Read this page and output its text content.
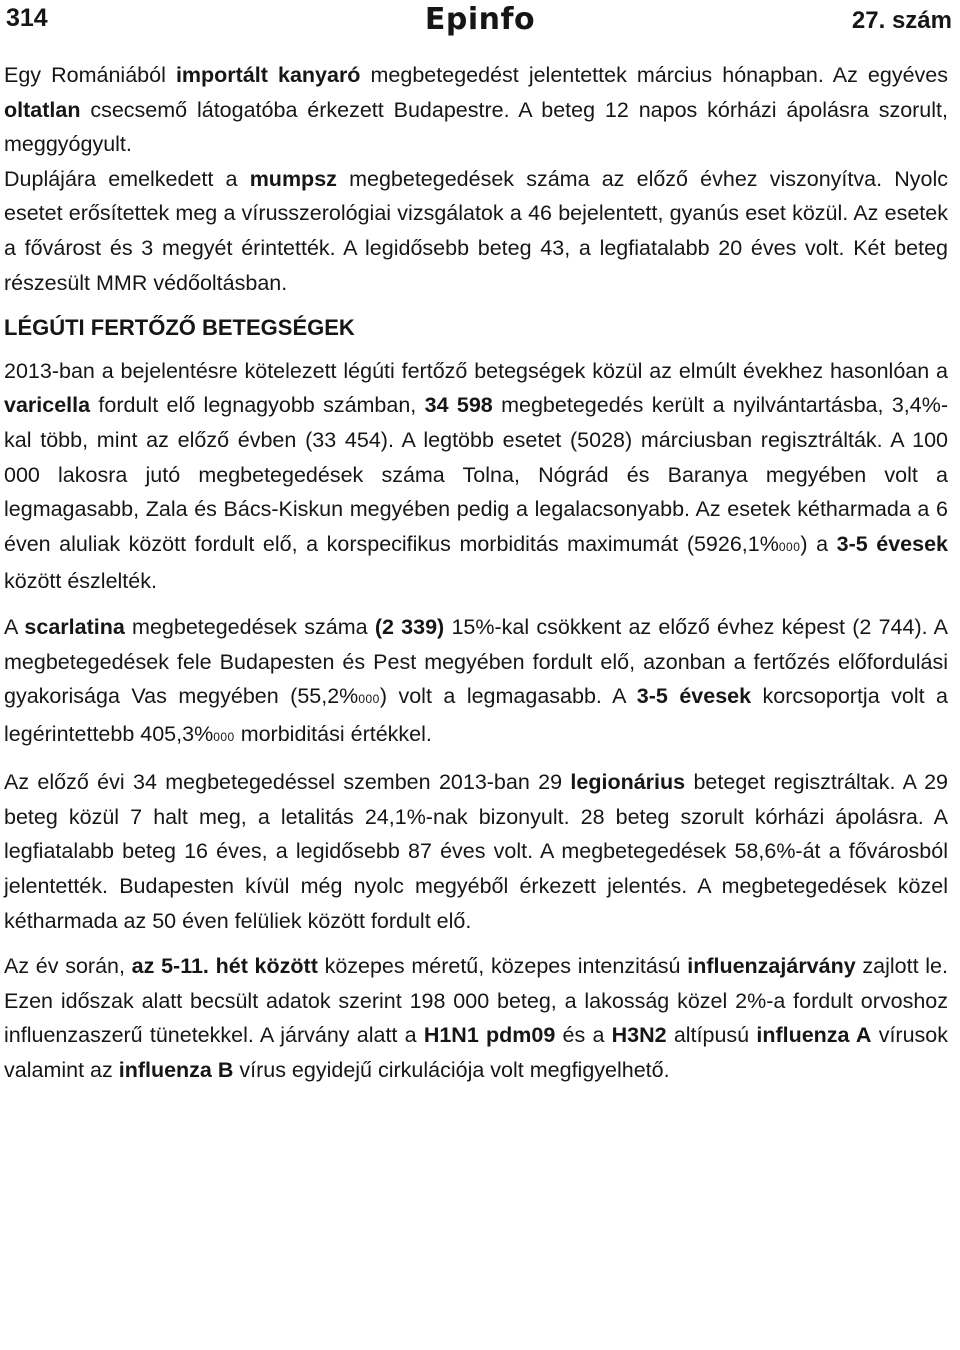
314	Epinfo	27. szám

Egy Romániából importált kanyaró megbetegedést jelentettek március hónapban. Az egyéves oltatlan csecsemő látogatóba érkezett Budapestre. A beteg 12 napos kórházi ápolásra szorult, meggyógyult.

Duplájára emelkedett a mumpsz megbetegedések száma az előző évhez viszonyítva. Nyolc esetet erősítettek meg a vírusszerológiai vizsgálatok a 46 bejelentett, gyanús eset közül. Az esetek a fővárost és 3 megyét érintették. A legidősebb beteg 43, a legfiatalabb 20 éves volt. Két beteg részesült MMR védőoltásban.

LÉGÚTI FERTŐZŐ BETEGSÉGEK

2013-ban a bejelentésre kötelezett légúti fertőző betegségek közül az elmúlt évekhez hasonlóan a varicella fordult elő legnagyobb számban, 34 598 megbetegedés került a nyilvántartásba, 3,4%-kal több, mint az előző évben (33 454). A legtöbb esetet (5028) márciusban regisztrálták. A 100 000 lakosra jutó megbetegedések száma Tolna, Nógrád és Baranya megyében volt a legmagasabb, Zala és Bács-Kiskun megyében pedig a legalacsonyabb. Az esetek kétharmada a 6 éven aluliak között fordult elő, a korspecifikus morbiditás maximumát (5926,1%000) a 3-5 évesek között észlelték.

A scarlatina megbetegedések száma (2 339) 15%-kal csökkent az előző évhez képest (2 744). A megbetegedések fele Budapesten és Pest megyében fordult elő, azonban a fertőzés előfordulási gyakorisága Vas megyében (55,2%000) volt a legmagasabb. A 3-5 évesek korcsoportja volt a legérintettebb 405,3%000 morbiditási értékkel.

Az előző évi 34 megbetegedéssel szemben 2013-ban 29 legionárius beteget regisztráltak. A 29 beteg közül 7 halt meg, a letalitás 24,1%-nak bizonyult. 28 beteg szorult kórházi ápolásra. A legfiatalabb beteg 16 éves, a legidősebb 87 éves volt. A megbetegedések 58,6%-át a fővárosból jelentették. Budapesten kívül még nyolc megyéből érkezett jelentés. A megbetegedések közel kétharmada az 50 éven felüliek között fordult elő.

Az év során, az 5-11. hét között közepes méretű, közepes intenzitású influenzajárvány zajlott le. Ezen időszak alatt becsült adatok szerint 198 000 beteg, a lakosság közel 2%-a fordult orvoshoz influenzaszerű tünetekkel. A járvány alatt a H1N1 pdm09 és a H3N2 altípusú influenza A vírusok valamint az influenza B vírus egyidejű cirkulációja volt megfigyelhető.
